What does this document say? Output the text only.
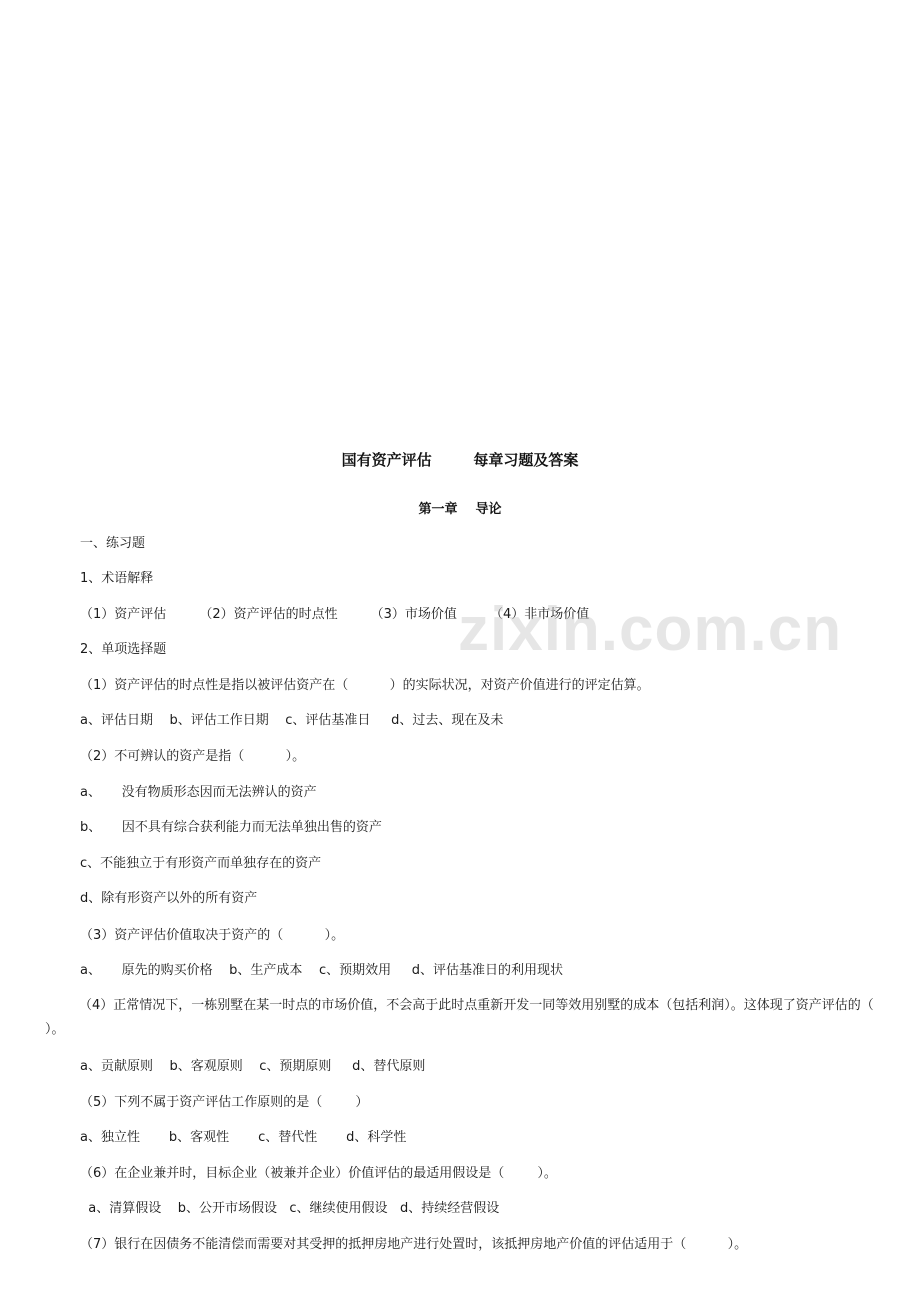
国有资产评估        每章习题及答案
第一章    导论
一、练习题
1、术语解释
（1）资产评估        （2）资产评估的时点性        （3）市场价值        （4）非市场价值
2、单项选择题
（1）资产评估的时点性是指以被评估资产在（          ）的实际状况，对资产价值进行的评定估算。
a、评估日期    b、评估工作日期    c、评估基准日     d、过去、现在及未
（2）不可辨认的资产是指（          ）。
a、     没有物质形态因而无法辨认的资产
b、     因不具有综合获利能力而无法单独出售的资产
c、不能独立于有形资产而单独存在的资产
d、除有形资产以外的所有资产
（3）资产评估价值取决于资产的（          ）。
a、     原先的购买价格    b、生产成本    c、预期效用     d、评估基准日的利用现状
（4）正常情况下，一栋别墅在某一时点的市场价值，不会高于此时点重新开发一同等效用别墅的成本（包括利润）。这体现了资产评估的（ ）。
a、贡献原则    b、客观原则    c、预期原则     d、替代原则
（5）下列不属于资产评估工作原则的是（        ）
a、独立性       b、客观性       c、替代性       d、科学性
（6）在企业兼并时，目标企业（被兼并企业）价值评估的最适用假设是（        ）。
a、清算假设    b、公开市场假设   c、继续使用假设   d、持续经营假设
（7）银行在因债务不能清偿而需要对其受押的抵押房地产进行处置时，该抵押房地产价值的评估适用于（          ）。
zixin.com.cn
